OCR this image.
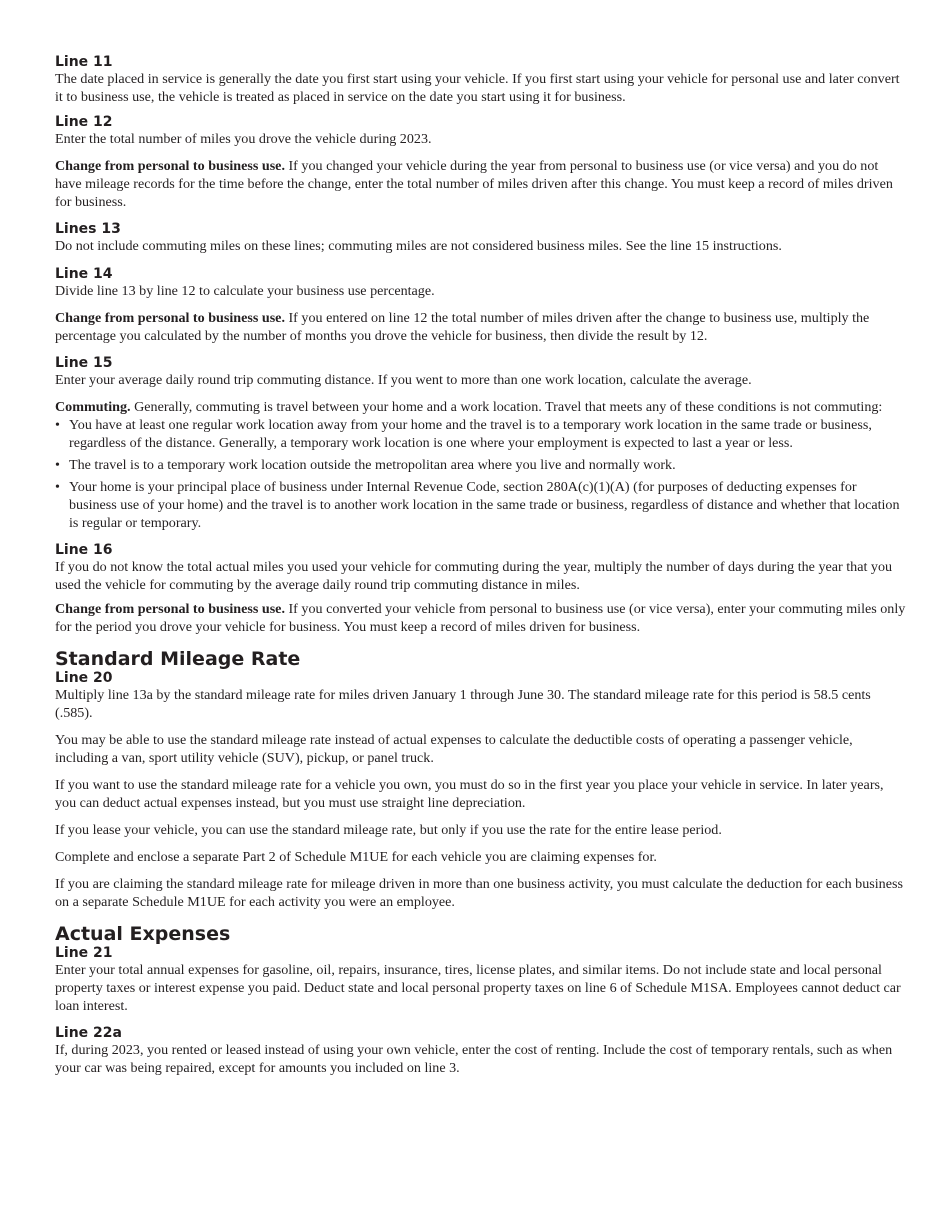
Line 11

The date placed in service is generally the date you first start using your vehicle. If you first start using your vehicle for personal use and later convert it to business use, the vehicle is treated as placed in service on the date you start using it for business.

Line 12

Enter the total number of miles you drove the vehicle during 2023.

Change from personal to business use. If you changed your vehicle during the year from personal to business use (or vice versa) and you do not have mileage records for the time before the change, enter the total number of miles driven after this change. You must keep a record of miles driven for business.

Lines 13

Do not include commuting miles on these lines; commuting miles are not considered business miles. See the line 15 instructions.

Line 14

Divide line 13 by line 12 to calculate your business use percentage.

Change from personal to business use. If you entered on line 12 the total number of miles driven after the change to business use, multiply the percentage you calculated by the number of months you drove the vehicle for business, then divide the result by 12.

Line 15

Enter your average daily round trip commuting distance. If you went to more than one work location, calculate the average.

Commuting. Generally, commuting is travel between your home and a work location. Travel that meets any of these conditions is not commuting:

• You have at least one regular work location away from your home and the travel is to a temporary work location in the same trade or business, regardless of the distance. Generally, a temporary work location is one where your employment is expected to last a year or less.
• The travel is to a temporary work location outside the metropolitan area where you live and normally work.
• Your home is your principal place of business under Internal Revenue Code, section 280A(c)(1)(A) (for purposes of deducting expenses for business use of your home) and the travel is to another work location in the same trade or business, regardless of distance and whether that location is regular or temporary.
Line 16

If you do not know the total actual miles you used your vehicle for commuting during the year, multiply the number of days during the year that you used the vehicle for commuting by the average daily round trip commuting distance in miles.

Change from personal to business use. If you converted your vehicle from personal to business use (or vice versa), enter your commuting miles only for the period you drove your vehicle for business. You must keep a record of miles driven for business.

Standard Mileage Rate
Line 20

Multiply line 13a by the standard mileage rate for miles driven January 1 through June 30. The standard mileage rate for this period is 58.5 cents (.585).

You may be able to use the standard mileage rate instead of actual expenses to calculate the deductible costs of operating a passenger vehicle, including a van, sport utility vehicle (SUV), pickup, or panel truck.

If you want to use the standard mileage rate for a vehicle you own, you must do so in the first year you place your vehicle in service. In later years, you can deduct actual expenses instead, but you must use straight line depreciation.

If you lease your vehicle, you can use the standard mileage rate, but only if you use the rate for the entire lease period.

Complete and enclose a separate Part 2 of Schedule M1UE for each vehicle you are claiming expenses for.

If you are claiming the standard mileage rate for mileage driven in more than one business activity, you must calculate the deduction for each business on a separate Schedule M1UE for each activity you were an employee.

Actual Expenses
Line 21

Enter your total annual expenses for gasoline, oil, repairs, insurance, tires, license plates, and similar items. Do not include state and local personal property taxes or interest expense you paid. Deduct state and local personal property taxes on line 6 of Schedule M1SA. Employees cannot deduct car loan interest.

Line 22a

If, during 2023, you rented or leased instead of using your own vehicle, enter the cost of renting. Include the cost of temporary rentals, such as when your car was being repaired, except for amounts you included on line 3.
